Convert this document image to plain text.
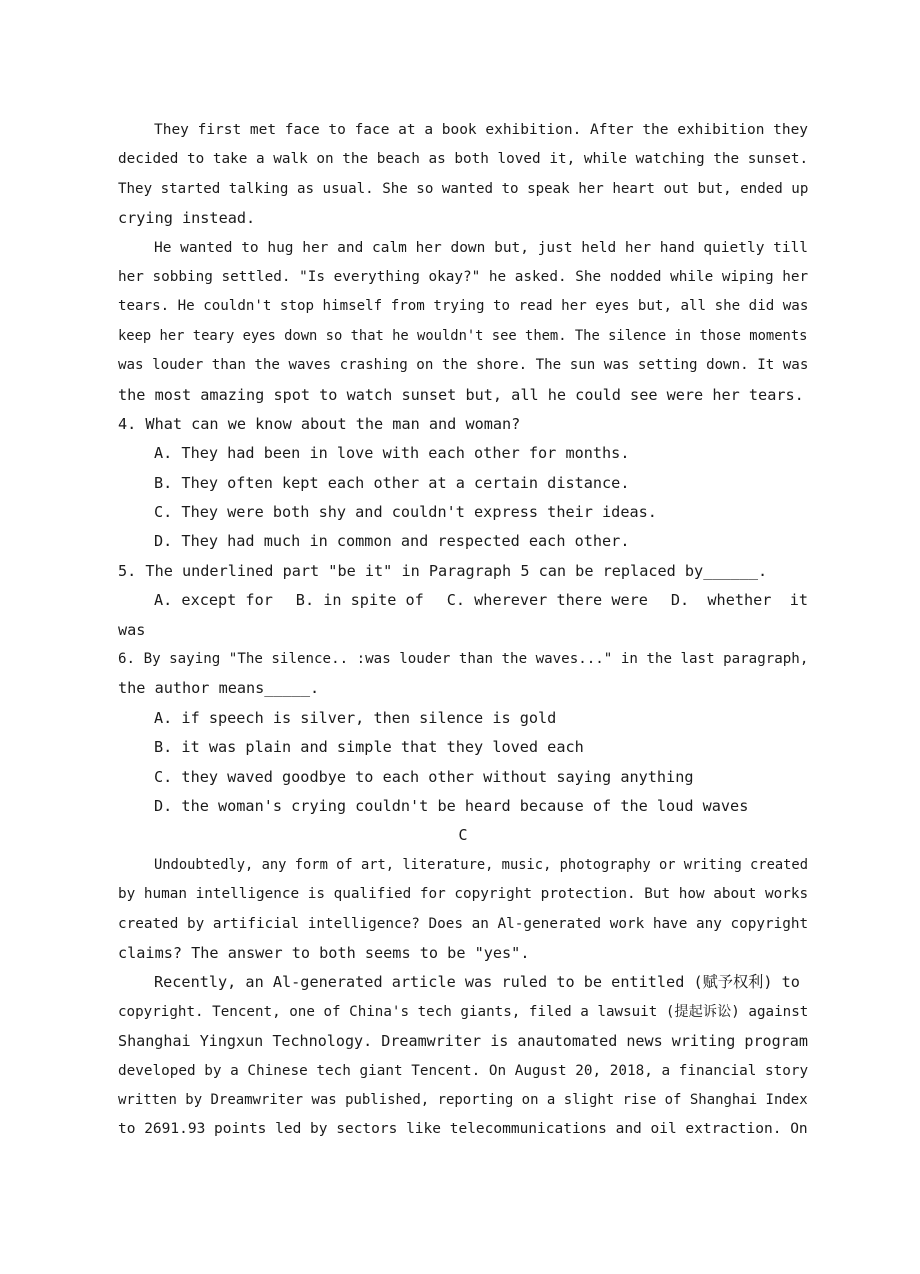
They first met face to face at a book exhibition. After the exhibition they
decided to take a walk on the beach as both loved it, while watching the sunset.
They started talking as usual. She so wanted to speak her heart out but, ended up
crying instead.
He wanted to hug her and calm her down but, just held her hand quietly till
her sobbing settled. "Is everything okay?" he asked. She nodded while wiping her
tears. He couldn't stop himself from trying to read her eyes but, all she did was
keep her teary eyes down so that he wouldn't see them. The silence in those moments
was louder than the waves crashing on the shore. The sun was setting down. It was
the most amazing spot to watch sunset but, all he could see were her tears.
4. What can we know about the man and woman?
A. They had been in love with each other for months.
B. They often kept each other at a certain distance.
C. They were both shy and couldn't express their ideas.
D. They had much in common and respected each other.
5. The underlined part "be it" in Paragraph 5 can be replaced by______.
A. except for B. in spite of C. wherever there were D.  whether  it
was
6. By saying "The silence.. :was louder than the waves..." in the last paragraph,
the author means_____.
A. if speech is silver, then silence is gold
B. it was plain and simple that they loved each
C. they waved goodbye to each other without saying anything
D. the woman's crying couldn't be heard because of the loud waves
C
Undoubtedly, any form of art, literature, music, photography or writing created
by human intelligence is qualified for copyright protection. But how about works
created by artificial intelligence? Does an Al-generated work have any copyright
claims? The answer to both seems to be "yes".
Recently, an Al-generated article was ruled to be entitled (赋予权利) to
copyright. Tencent, one of China's tech giants, filed a lawsuit (提起诉讼) against
Shanghai Yingxun Technology. Dreamwriter is anautomated news writing program
developed by a Chinese tech giant Tencent. On August 20, 2018, a financial story
written by Dreamwriter was published, reporting on a slight rise of Shanghai Index
to 2691.93 points led by sectors like telecommunications and oil extraction. On
